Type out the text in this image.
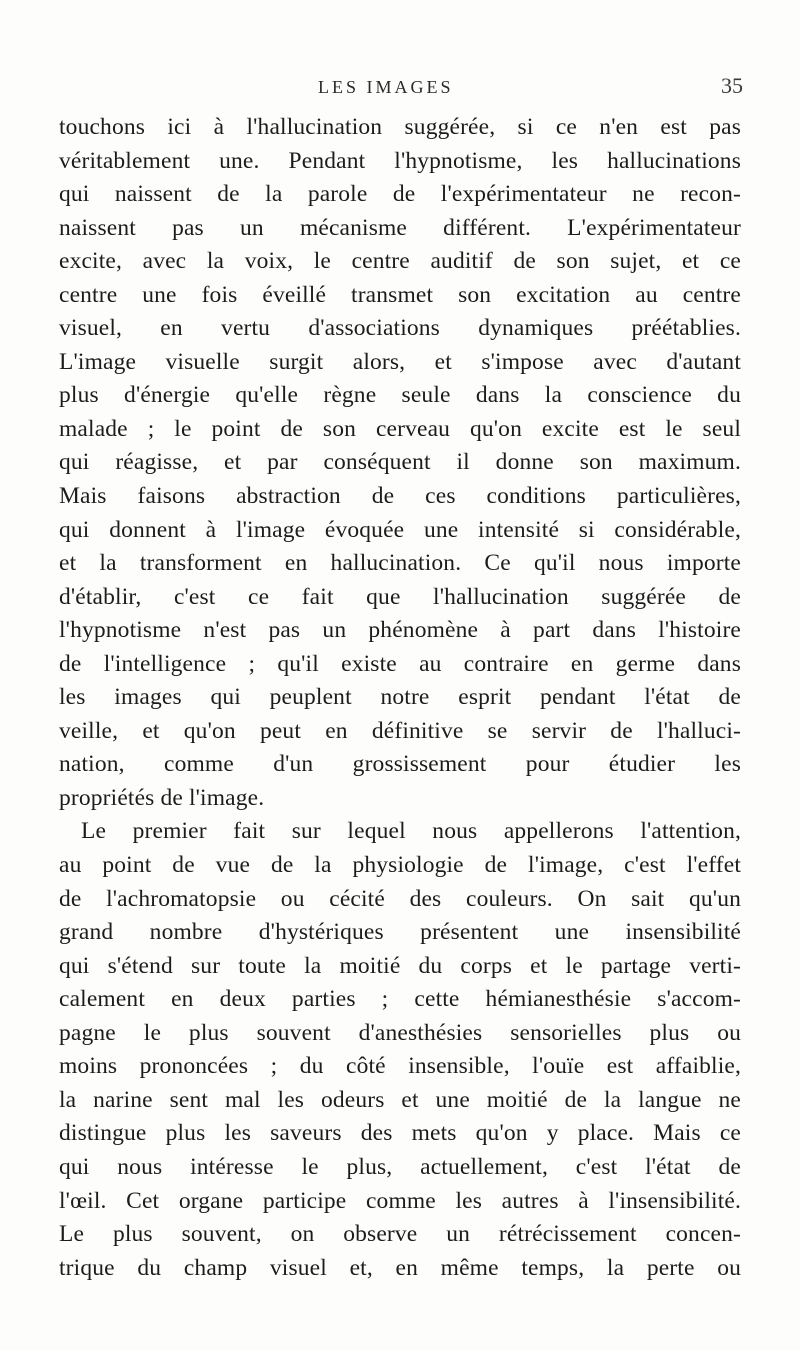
LES IMAGES	35
touchons ici à l'hallucination suggérée, si ce n'en est pas
véritablement une. Pendant l'hypnotisme, les hallucinations
qui naissent de la parole de l'expérimentateur ne recon-
naissent pas un mécanisme différent. L'expérimentateur
excite, avec la voix, le centre auditif de son sujet, et ce
centre une fois éveillé transmet son excitation au centre
visuel, en vertu d'associations dynamiques préétablies.
L'image visuelle surgit alors, et s'impose avec d'autant
plus d'énergie qu'elle règne seule dans la conscience du
malade ; le point de son cerveau qu'on excite est le seul
qui réagisse, et par conséquent il donne son maximum.
Mais faisons abstraction de ces conditions particulières,
qui donnent à l'image évoquée une intensité si considérable,
et la transforment en hallucination. Ce qu'il nous importe
d'établir, c'est ce fait que l'hallucination suggérée de
l'hypnotisme n'est pas un phénomène à part dans l'histoire
de l'intelligence ; qu'il existe au contraire en germe dans
les images qui peuplent notre esprit pendant l'état de
veille, et qu'on peut en définitive se servir de l'halluci-
nation, comme d'un grossissement pour étudier les
propriétés de l'image.
Le premier fait sur lequel nous appellerons l'attention,
au point de vue de la physiologie de l'image, c'est l'effet
de l'achromatopsie ou cécité des couleurs. On sait qu'un
grand nombre d'hystériques présentent une insensibilité
qui s'étend sur toute la moitié du corps et le partage verti-
calement en deux parties ; cette hémianesthésie s'accom-
pagne le plus souvent d'anesthésies sensorielles plus ou
moins prononcées ; du côté insensible, l'ouïe est affaiblie,
la narine sent mal les odeurs et une moitié de la langue ne
distingue plus les saveurs des mets qu'on y place. Mais ce
qui nous intéresse le plus, actuellement, c'est l'état de
l'œil. Cet organe participe comme les autres à l'insensibilité.
Le plus souvent, on observe un rétrécissement concen-
trique du champ visuel et, en même temps, la perte ou
